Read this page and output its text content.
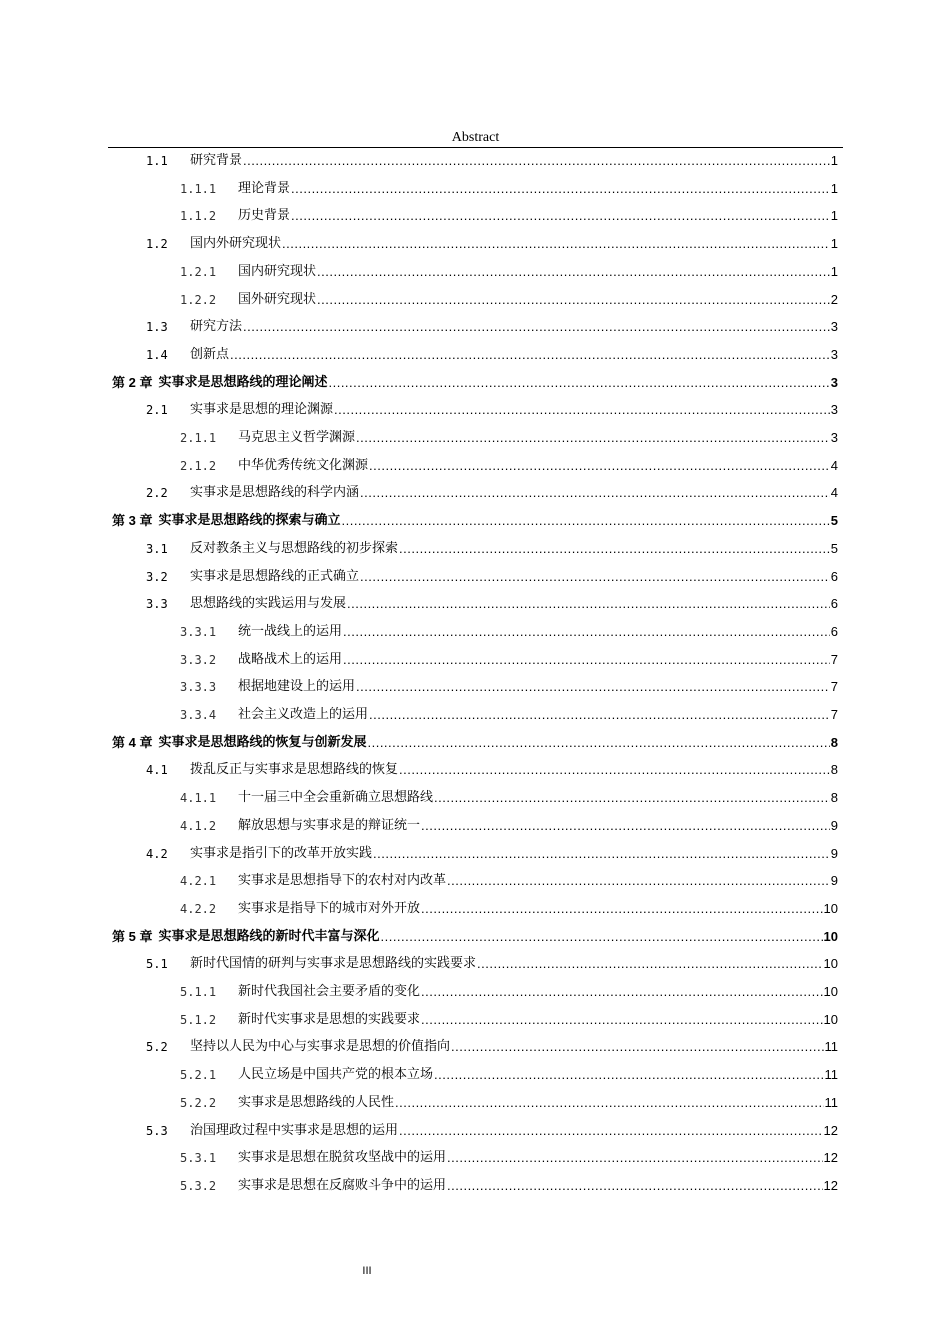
Abstract
1.1	研究背景 .....	1
1.1.1	理论背景 .....	1
1.1.2	历史背景 .....	1
1.2	国内外研究现状 .....	1
1.2.1	国内研究现状 .....	1
1.2.2	国外研究现状 .....	2
1.3	研究方法 .....	3
1.4	创新点 .....	3
第 2 章 实事求是思想路线的理论阐述 .....	3
2.1	实事求是思想的理论渊源 .....	3
2.1.1	马克思主义哲学渊源 .....	3
2.1.2	中华优秀传统文化渊源 .....	4
2.2	实事求是思想路线的科学内涵 .....	4
第 3 章 实事求是思想路线的探索与确立 .....	5
3.1	反对教条主义与思想路线的初步探索 .....	5
3.2	实事求是思想路线的正式确立 .....	6
3.3	思想路线的实践运用与发展 .....	6
3.3.1	统一战线上的运用 .....	6
3.3.2	战略战术上的运用 .....	7
3.3.3	根据地建设上的运用 .....	7
3.3.4	社会主义改造上的运用 .....	7
第 4 章 实事求是思想路线的恢复与创新发展 .....	8
4.1	拨乱反正与实事求是思想路线的恢复 .....	8
4.1.1	十一届三中全会重新确立思想路线 .....	8
4.1.2	解放思想与实事求是的辩证统一 .....	9
4.2	实事求是指引下的改革开放实践 .....	9
4.2.1	实事求是思想指导下的农村对内改革 .....	9
4.2.2	实事求是指导下的城市对外开放 .....	10
第 5 章 实事求是思想路线的新时代丰富与深化 .....	10
5.1	新时代国情的研判与实事求是思想路线的实践要求 .....	10
5.1.1	新时代我国社会主要矛盾的变化 .....	10
5.1.2	新时代实事求是思想的实践要求 .....	10
5.2	坚持以人民为中心与实事求是思想的价值指向 .....	11
5.2.1	人民立场是中国共产党的根本立场 .....	11
5.2.2	实事求是思想路线的人民性 .....	11
5.3	治国理政过程中实事求是思想的运用 .....	12
5.3.1	实事求是思想在脱贫攻坚战中的运用 .....	12
5.3.2	实事求是思想在反腐败斗争中的运用 .....	12
III
